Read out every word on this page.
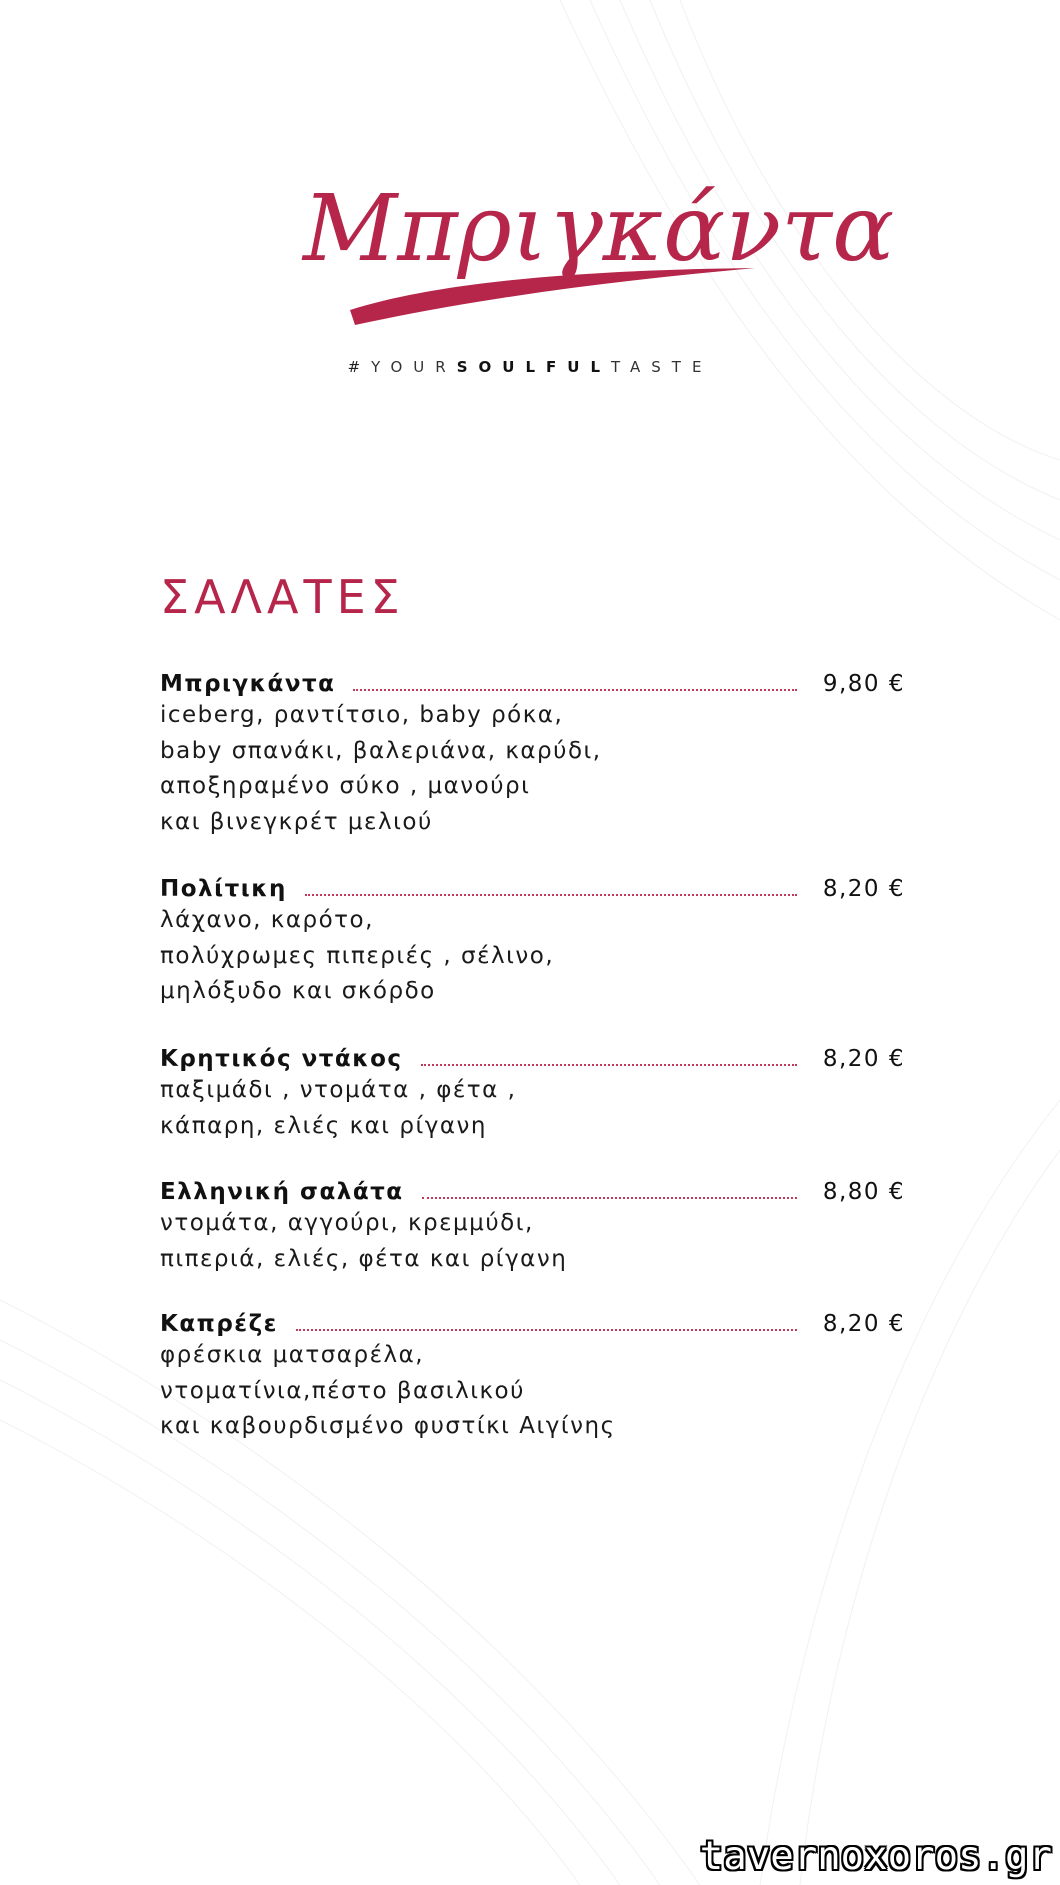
Μπριγκάντα
#YOURSOULFULTASTE
ΣΑΛΑΤΕΣ
Μπριγκάντα	9,80 €
iceberg, ραντίτσιο, baby ρόκα,
baby σπανάκι, βαλεριάνα, καρύδι,
αποξηραμένο σύκο , μανούρι
και βινεγκρέτ μελιού
Πολίτικη	8,20 €
λάχανο, καρότο,
πολύχρωμες πιπεριές , σέλινο,
μηλόξυδο και σκόρδο
Κρητικός ντάκος	8,20 €
παξιμάδι , ντομάτα , φέτα ,
κάπαρη, ελιές και ρίγανη
Ελληνική σαλάτα	8,80 €
ντομάτα, αγγούρι, κρεμμύδι,
πιπεριά, ελιές, φέτα και ρίγανη
Καπρέζε	8,20 €
φρέσκια ματσαρέλα,
ντοματίνια,πέστο βασιλικού
και καβουρδισμένο φυστίκι Αιγίνης
tavernoxoros.gr
